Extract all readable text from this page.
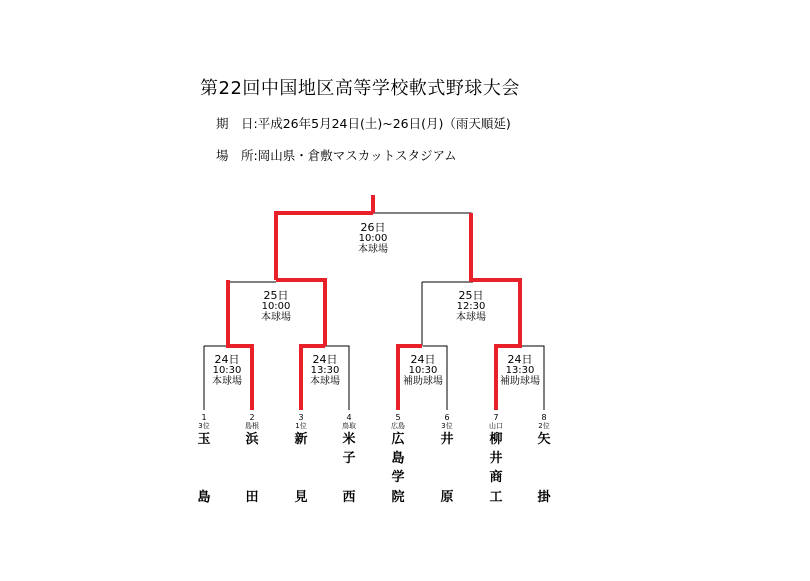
第22回中国地区高等学校軟式野球大会
期　日:平成26年5月24日(土)~26日(月)（雨天順延)
場　所:岡山県・倉敷マスカットスタジアム
26日
10:00
本球場
25日
10:00
本球場
25日
12:30
本球場
24日
10:30
本球場
24日
13:30
本球場
24日
10:30
補助球場
24日
13:30
補助球場
1
3位
玉
島
2
島根
浜
田
3
1位
新
見
4
鳥取
米
子
西
5
広島
広
島
学
院
6
3位
井
原
7
山口
柳
井
商
工
8
2位
矢
掛
